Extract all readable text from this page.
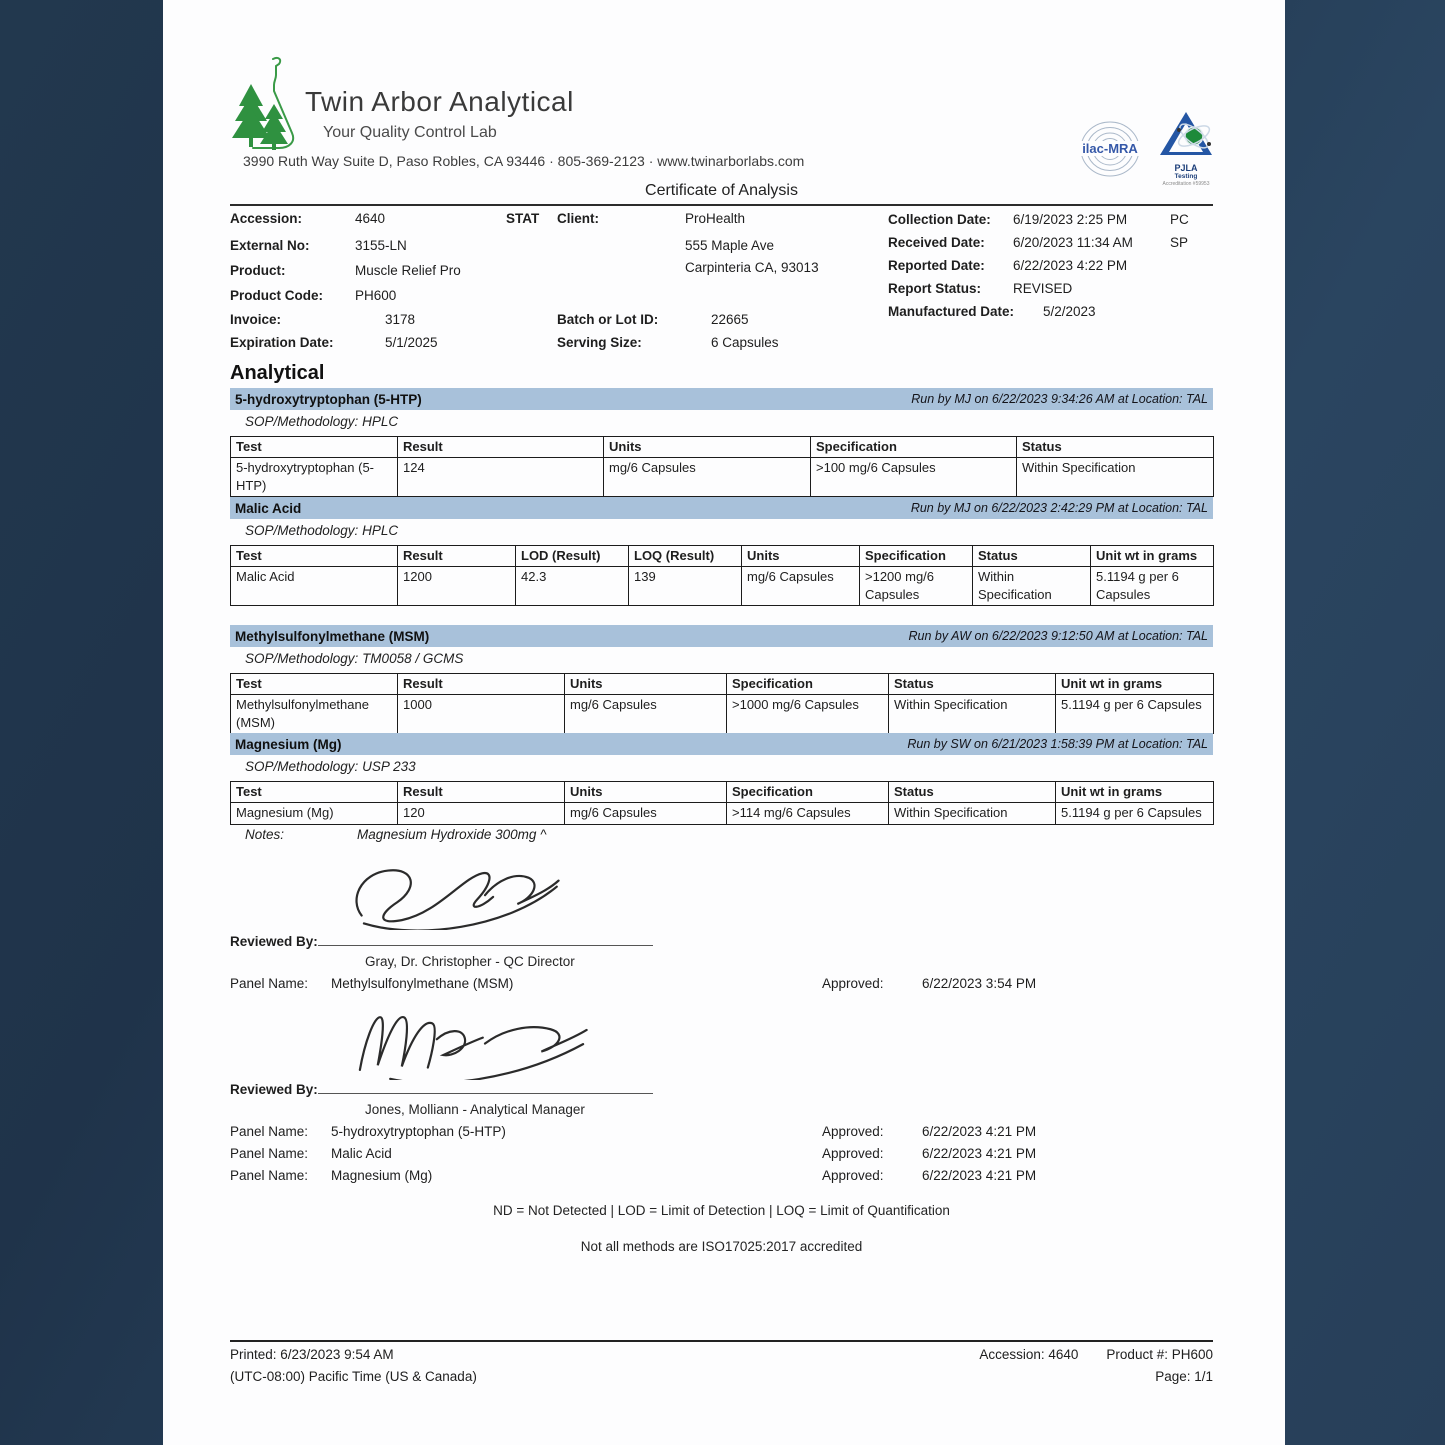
Twin Arbor Analytical
Your Quality Control Lab
3990 Ruth Way Suite D, Paso Robles, CA 93446 · 805-369-2123 · www.twinarborlabs.com
ilac-MRA
PJLA
Testing
Accreditation #59953
Certificate of Analysis
Accession:	4640
External No:	3155-LN
Product:	Muscle Relief Pro
Product Code: PH600
Invoice:	3178
Expiration Date:	5/1/2025
STAT Client:	ProHealth
555 Maple Ave
Carpinteria CA, 93013
Batch or Lot ID:	22665
Serving Size:	6 Capsules
Collection Date: 6/19/2023 2:25 PM	PC
Received Date: 6/20/2023 11:34 AM	SP
Reported Date: 6/22/2023 4:22 PM
Report Status: REVISED
Manufactured Date: 5/2/2023
Analytical
5-hydroxytryptophan (5-HTP)	Run by MJ on 6/22/2023 9:34:26 AM at Location: TAL
SOP/Methodology: HPLC
Test	Result	Units	Specification	Status
5-hydroxytryptophan (5-HTP)	124	mg/6 Capsules	>100 mg/6 Capsules	Within Specification
Malic Acid	Run by MJ on 6/22/2023 2:42:29 PM at Location: TAL
SOP/Methodology: HPLC
Test	Result	LOD (Result)	LOQ (Result)	Units	Specification	Status	Unit wt in grams
Malic Acid	1200	42.3	139	mg/6 Capsules	>1200 mg/6 Capsules	Within Specification	5.1194 g per 6 Capsules
Methylsulfonylmethane (MSM)	Run by AW on 6/22/2023 9:12:50 AM at Location: TAL
SOP/Methodology: TM0058 / GCMS
Test	Result	Units	Specification	Status	Unit wt in grams
Methylsulfonylmethane (MSM)	1000	mg/6 Capsules	>1000 mg/6 Capsules	Within Specification	5.1194 g per 6 Capsules
Magnesium (Mg)	Run by SW on 6/21/2023 1:58:39 PM at Location: TAL
SOP/Methodology: USP 233
Test	Result	Units	Specification	Status	Unit wt in grams
Magnesium (Mg)	120	mg/6 Capsules	>114 mg/6 Capsules	Within Specification	5.1194 g per 6 Capsules
Notes:	Magnesium Hydroxide 300mg ^
Reviewed By:
Gray, Dr. Christopher - QC Director
Panel Name: Methylsulfonylmethane (MSM)	Approved:	6/22/2023 3:54 PM
Reviewed By:
Jones, Molliann - Analytical Manager
Panel Name: 5-hydroxytryptophan (5-HTP)	Approved:	6/22/2023 4:21 PM
Panel Name: Malic Acid	Approved:	6/22/2023 4:21 PM
Panel Name: Magnesium (Mg)	Approved:	6/22/2023 4:21 PM
ND = Not Detected | LOD = Limit of Detection | LOQ = Limit of Quantification
Not all methods are ISO17025:2017 accredited
Printed: 6/23/2023 9:54 AM
(UTC-08:00) Pacific Time (US & Canada)
Accession: 4640 Product #: PH600
Page: 1/1
